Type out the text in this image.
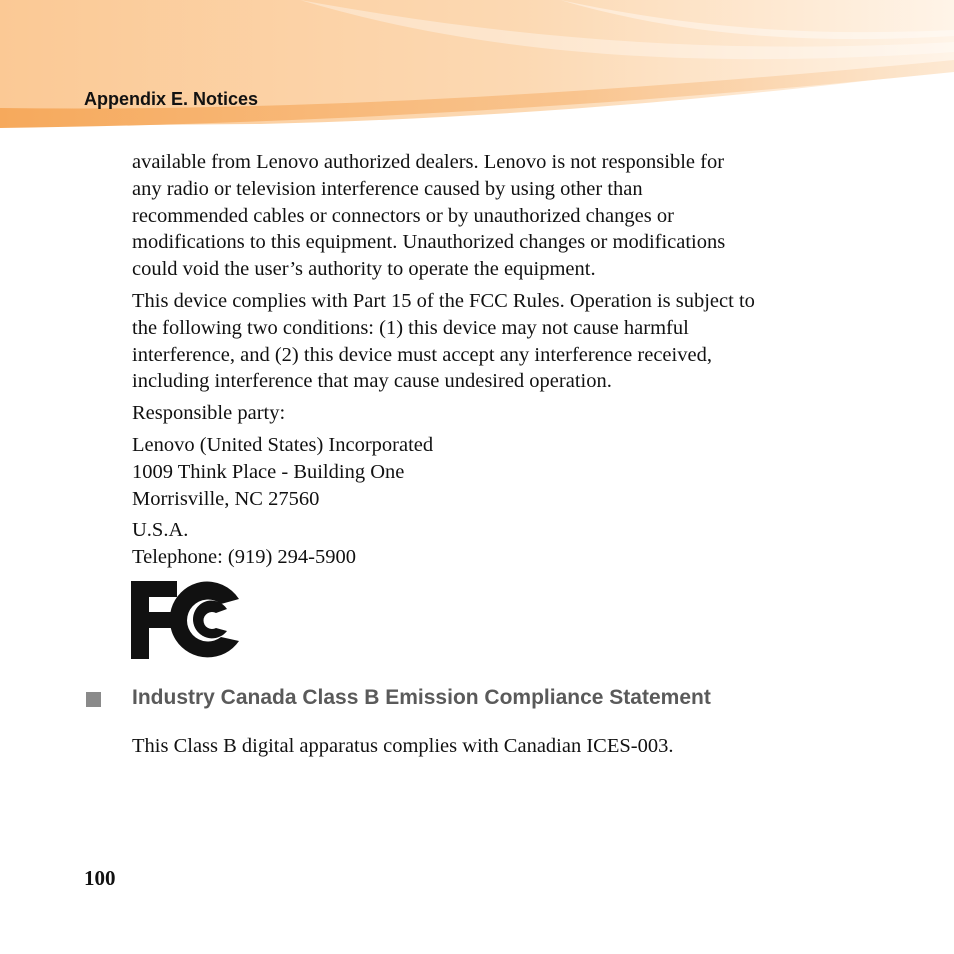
Appendix E. Notices

available from Lenovo authorized dealers. Lenovo is not responsible for
any radio or television interference caused by using other than
recommended cables or connectors or by unauthorized changes or
modifications to this equipment. Unauthorized changes or modifications
could void the user’s authority to operate the equipment.

This device complies with Part 15 of the FCC Rules. Operation is subject to
the following two conditions: (1) this device may not cause harmful
interference, and (2) this device must accept any interference received,
including interference that may cause undesired operation.

Responsible party:

Lenovo (United States) Incorporated
1009 Think Place - Building One
Morrisville, NC 27560

U.S.A.
Telephone: (919) 294-5900

Industry Canada Class B Emission Compliance Statement

This Class B digital apparatus complies with Canadian ICES-003.

100
